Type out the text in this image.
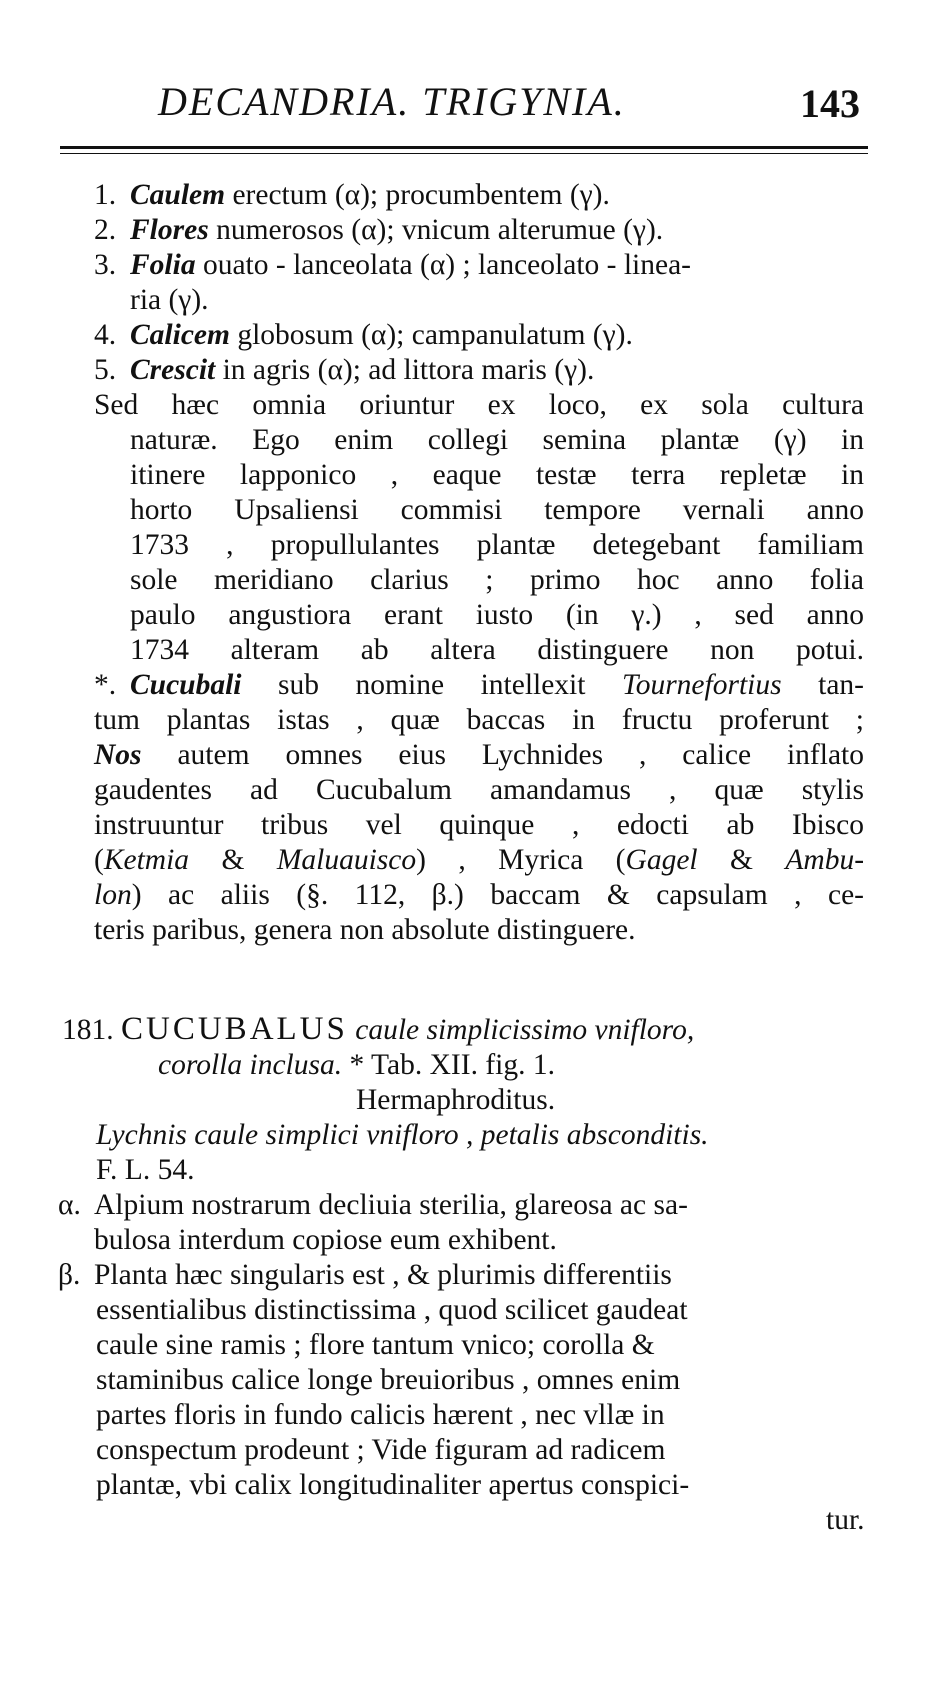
DECANDRIA. TRIGYNIA.	143
1. Caulem erectum (α); procumbentem (γ).
2. Flores numerosos (α); vnicum alterumue (γ).
3. Folia ouato - lanceolata (α) ; lanceolato - linea-
ria (γ).
4. Calicem globosum (α); campanulatum (γ).
5. Crescit in agris (α); ad littora maris (γ).
Sed hæc omnia oriuntur ex loco, ex sola cultura
naturæ. Ego enim collegi semina plantæ (γ) in
itinere lapponico , eaque testæ terra repletæ in
horto Upsaliensi commisi tempore vernali anno
1733 , propullulantes plantæ detegebant familiam
sole meridiano clarius ; primo hoc anno folia
paulo angustiora erant iusto (in γ.) , sed anno
1734 alteram ab altera distinguere non potui.
*. Cucubali sub nomine intellexit Tournefortius tan-
tum plantas istas , quæ baccas in fructu proferunt ;
Nos autem omnes eius Lychnides , calice inflato
gaudentes ad Cucubalum amandamus , quæ stylis
instruuntur tribus vel quinque , edocti ab Ibisco
(Ketmia & Maluauisco) , Myrica (Gagel & Ambu-
lon) ac aliis (§. 112, β.) baccam & capsulam , ce-
teris paribus, genera non absolute distinguere.
181. CUCUBALUS caule simplicissimo vnifloro,
corolla inclusa. * Tab. XII. fig. 1.
Hermaphroditus.
Lychnis caule simplici vnifloro , petalis absconditis.
F. L. 54.
α. Alpium nostrarum decliuia sterilia, glareosa ac sa-
bulosa interdum copiose eum exhibent.
β. Planta hæc singularis est , & plurimis differentiis
essentialibus distinctissima , quod scilicet gaudeat
caule sine ramis ; flore tantum vnico; corolla &
staminibus calice longe breuioribus , omnes enim
partes floris in fundo calicis hærent , nec vllæ in
conspectum prodeunt ; Vide figuram ad radicem
plantæ, vbi calix longitudinaliter apertus conspici-
tur.
